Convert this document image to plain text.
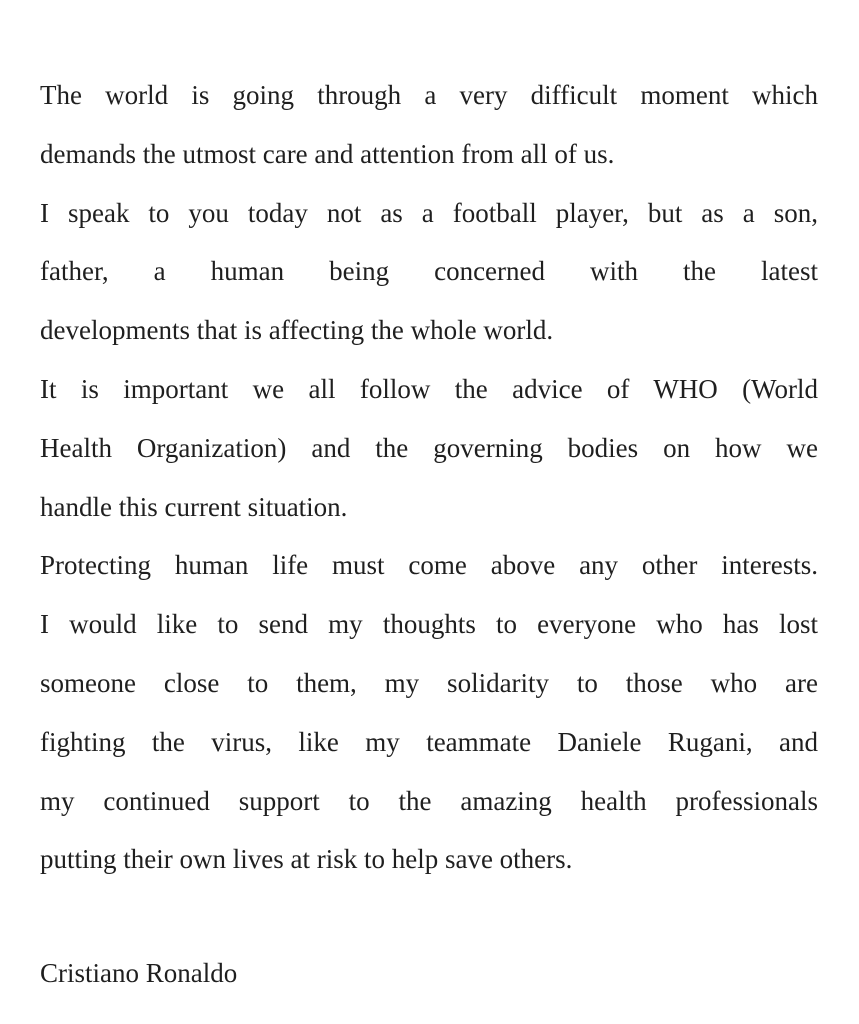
The world is going through a very difficult moment which
demands the utmost care and attention from all of us.
I speak to you today not as a football player, but as a son,
father, a human being concerned with the latest
developments that is affecting the whole world.
It is important we all follow the advice of WHO (World
Health Organization) and the governing bodies on how we
handle this current situation.
Protecting human life must come above any other interests.
I would like to send my thoughts to everyone who has lost
someone close to them, my solidarity to those who are
fighting the virus, like my teammate Daniele Rugani, and
my continued support to the amazing health professionals
putting their own lives at risk to help save others.
Cristiano Ronaldo
